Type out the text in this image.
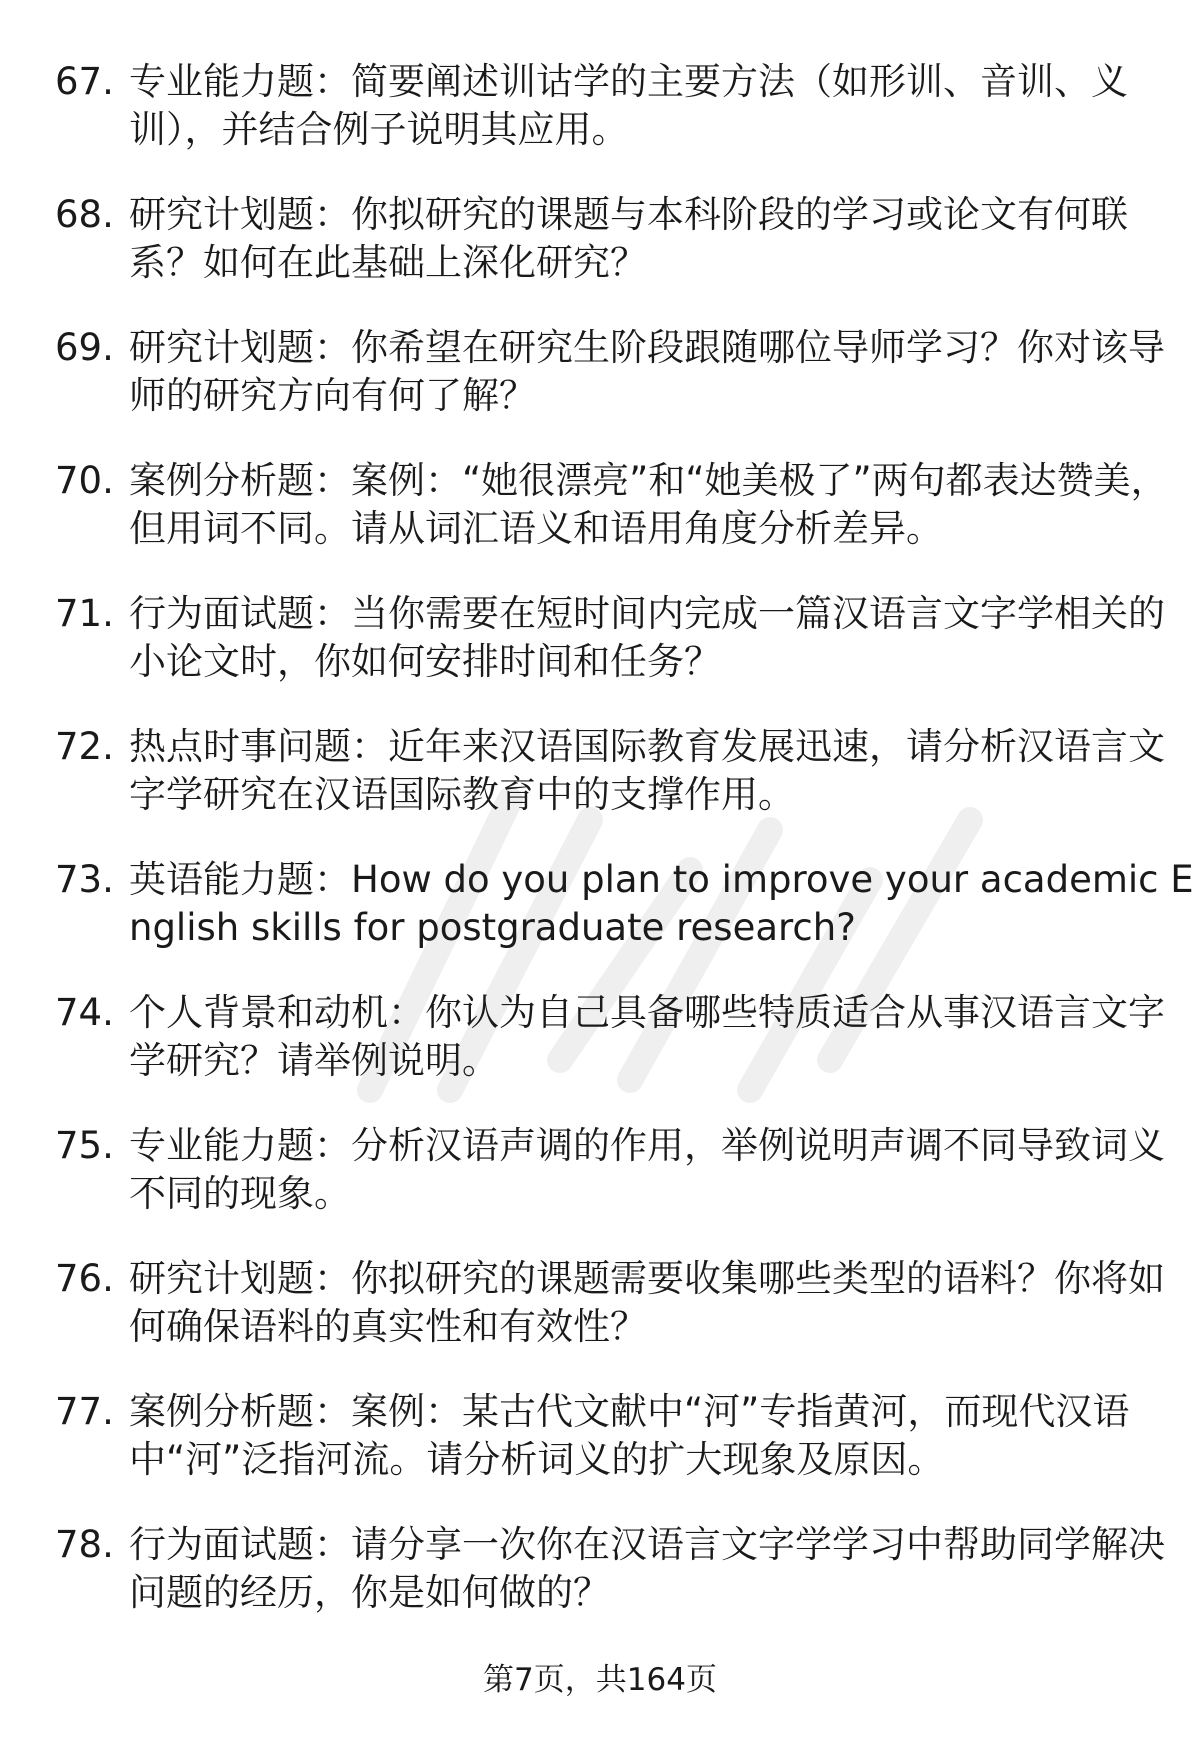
67. 专业能力题：简要阐述训诂学的主要方法（如形训、音训、义训），并结合例子说明其应用。
68. 研究计划题：你拟研究的课题与本科阶段的学习或论文有何联系？如何在此基础上深化研究？
69. 研究计划题：你希望在研究生阶段跟随哪位导师学习？你对该导师的研究方向有何了解？
70. 案例分析题：案例：“她很漂亮”和“她美极了”两句都表达赞美，但用词不同。请从词汇语义和语用角度分析差异。
71. 行为面试题：当你需要在短时间内完成一篇汉语言文字学相关的小论文时，你如何安排时间和任务？
72. 热点时事问题：近年来汉语国际教育发展迅速，请分析汉语言文字学研究在汉语国际教育中的支撑作用。
73. 英语能力题：How do you plan to improve your academic English skills for postgraduate research?
74. 个人背景和动机：你认为自己具备哪些特质适合从事汉语言文字学研究？请举例说明。
75. 专业能力题：分析汉语声调的作用，举例说明声调不同导致词义不同的现象。
76. 研究计划题：你拟研究的课题需要收集哪些类型的语料？你将如何确保语料的真实性和有效性？
77. 案例分析题：案例：某古代文献中“河”专指黄河，而现代汉语中“河”泛指河流。请分析词义的扩大现象及原因。
78. 行为面试题：请分享一次你在汉语言文字学学习中帮助同学解决问题的经历，你是如何做的？
第7页，共164页
